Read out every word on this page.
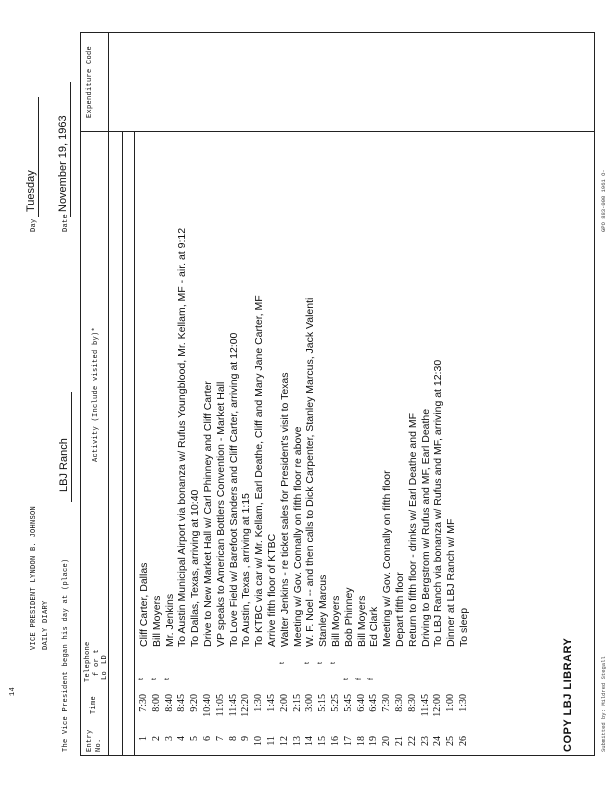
14
VICE PRESIDENT LYNDON B. JOHNSON DAILY DIARY The Vice President began his day at (place)
LBJ Ranch
Day
Tuesday
Date
November 19, 1963
Entry No.
Time
Telephone f or t Lo
LD
Activity (Include visited by)*
Expenditure Code
1
7:30
t
Cliff Carter, Dallas
2
8:00
t
Bill Moyers
3
8:40
t
Mr. Jenkins
4
8:45
To Austin Municipal Airport via bonanza w/ Rufus Youngblood, Mr. Kellam, MF - air. at 9:12
5
9:20
To Dallas, Texas, arriving at 10:40
6
10:40
Drive to New Market Hall w/ Carl Phinney and Cliff Carter
7
11:05
VP speaks to American Bottlers Convention - Market Hall
8
11:45
To Love Field w/ Barefoot Sanders and Cliff Carter, arriving at 12:00
9
12:20
To Austin, Texas , arriving at 1:15
10
1:30
To KTBC via car w/ Mr. Kellam, Earl Deathe, Cliff and Mary Jane Carter, MF
11
1:45
Arrive fifth floor of KTBC
12
2:00
t
Walter Jenkins - re ticket sales for President's visit to Texas
13
2:15
Meeting w/ Gov. Connally on fifth floor re above
14
3:00
t
W. F. Noel -- and then calls to Dick Carpenter, Stanley Marcus, Jack Valenti
15
5:15
t
Stanley Marcus
16
5:25
t
Bill Moyers
17
5:45
t
Bob Phinney
18
6:40
f
Bill Moyers
19
6:45
f
Ed Clark
20
7:30
Meeting w/ Gov. Connally on fifth floor
21
8:30
Depart fifth floor
22
8:30
Return to fifth floor - drinks w/ Earl Deathe and MF
23
11:45
Driving to Bergstrom w/ Rufus and MF, Earl Deathe
24
12:00
To LBJ Ranch via bonanza w/ Rufus and MF, arriving at 12:30
25
1:00
Dinner at LBJ Ranch w/ MF
26
1:30
To sleep
COPY LBJ LIBRARY	Submitted by: Mildred Stegall
GPO 883-000 1961 O-
